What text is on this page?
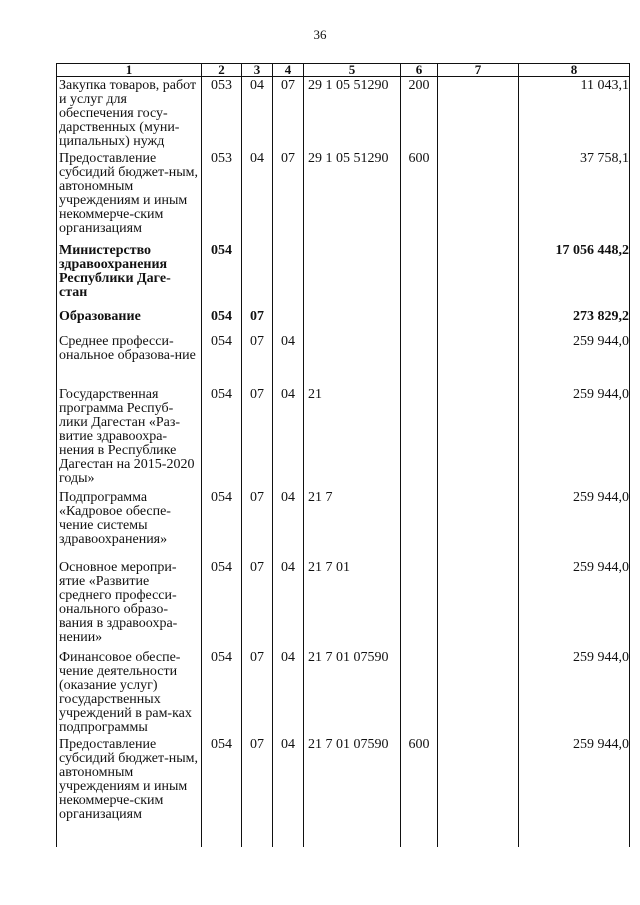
36
1	2	3	4	5	6	7	8

Закупка товаров, работ и услуг для обеспечения госу-дарственных (муни-ципальных) нужд	053	04	07	29 1 05 51290	200		11 043,1

Предоставление субсидий бюджет-ным, автономным учреждениям и иным некоммерче-ским организациям	053	04	07	29 1 05 51290	600		37 758,1

Министерство здравоохранения Республики Даге-стан	054						17 056 448,2

Образование	054	07					273 829,2

Среднее професси-ональное образова-ние	054	07	04				259 944,0

Государственная программа Респуб-лики Дагестан «Раз-витие здравоохра-нения в Республике Дагестан на 2015-2020 годы»	054	07	04	21			259 944,0

Подпрограмма «Кадровое обеспе-чение системы здравоохранения»	054	07	04	21 7			259 944,0

Основное меропри-ятие «Развитие среднего професси-онального образо-вания в здравоохра-нении»	054	07	04	21 7 01			259 944,0

Финансовое обеспе-чение деятельности (оказание услуг) государственных учреждений в рам-ках подпрограммы	054	07	04	21 7 01 07590			259 944,0

Предоставление субсидий бюджет-ным, автономным учреждениям и иным некоммерче-ским организациям	054	07	04	21 7 01 07590	600		259 944,0
